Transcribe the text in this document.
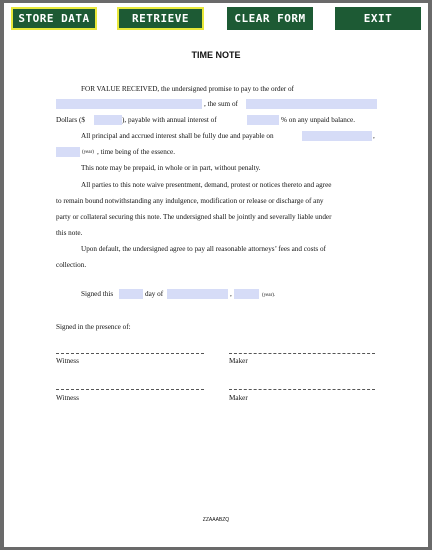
STORE DATA	RETRIEVE DATA
CLEAR FORM	EXIT
TIME NOTE
FOR VALUE RECEIVED, the undersigned promise to pay to the order of
, the sum of
Dollars ($	), payable with annual interest of	% on any unpaid balance.
All principal and accrued interest shall be fully due and payable on	,
(year) , time being of the essence.
This note may be prepaid, in whole or in part, without penalty.
All parties to this note waive presentment, demand, protest or notices thereto and agree
to remain bound notwithstanding any indulgence, modification or release or discharge of any
party or collateral securing this note. The undersigned shall be jointly and severally liable under
this note.
Upon default, the undersigned agree to pay all reasonable attorneys’ fees and costs of
collection.
Signed this	day of	,	(year).
Signed in the presence of:
Witness	Maker
Witness	Maker
ZZAAABZQ
